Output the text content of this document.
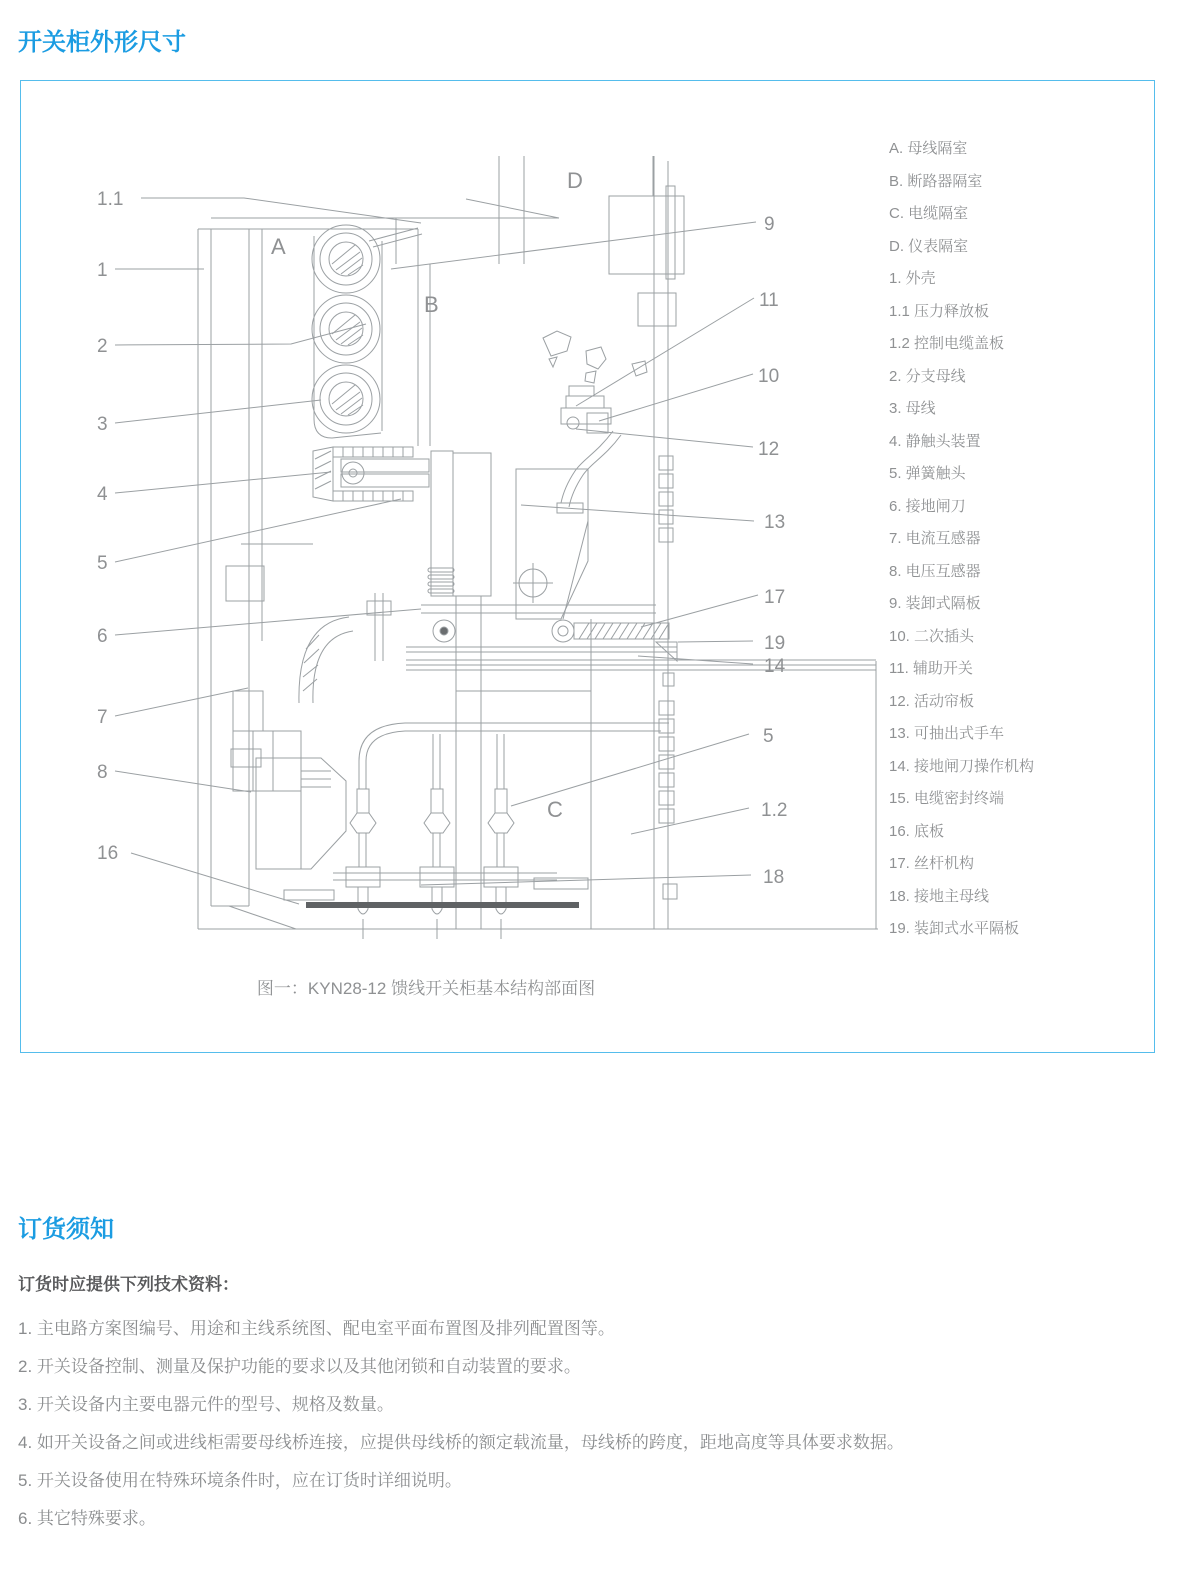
开关柜外形尺寸
1.1
1
2
3
4
5
6
7
8
16
9
11
10
12
13
17
19
14
5
1.2
18
A
B
C
D
A. 母线隔室
B. 断路器隔室
C. 电缆隔室
D. 仪表隔室
1. 外壳
1.1 压力释放板
1.2 控制电缆盖板
2. 分支母线
3. 母线
4. 静触头装置
5. 弹簧触头
6. 接地闸刀
7. 电流互感器
8. 电压互感器
9. 装卸式隔板
10. 二次插头
11. 辅助开关
12. 活动帘板
13. 可抽出式手车
14. 接地闸刀操作机构
15. 电缆密封终端
16. 底板
17. 丝杆机构
18. 接地主母线
19. 装卸式水平隔板
图一：KYN28-12 馈线开关柜基本结构部面图
订货须知
订货时应提供下列技术资料：
1. 主电路方案图编号、用途和主线系统图、配电室平面布置图及排列配置图等。
2. 开关设备控制、测量及保护功能的要求以及其他闭锁和自动装置的要求。
3. 开关设备内主要电器元件的型号、规格及数量。
4. 如开关设备之间或进线柜需要母线桥连接，应提供母线桥的额定载流量，母线桥的跨度，距地高度等具体要求数据。
5. 开关设备使用在特殊环境条件时，应在订货时详细说明。
6. 其它特殊要求。
